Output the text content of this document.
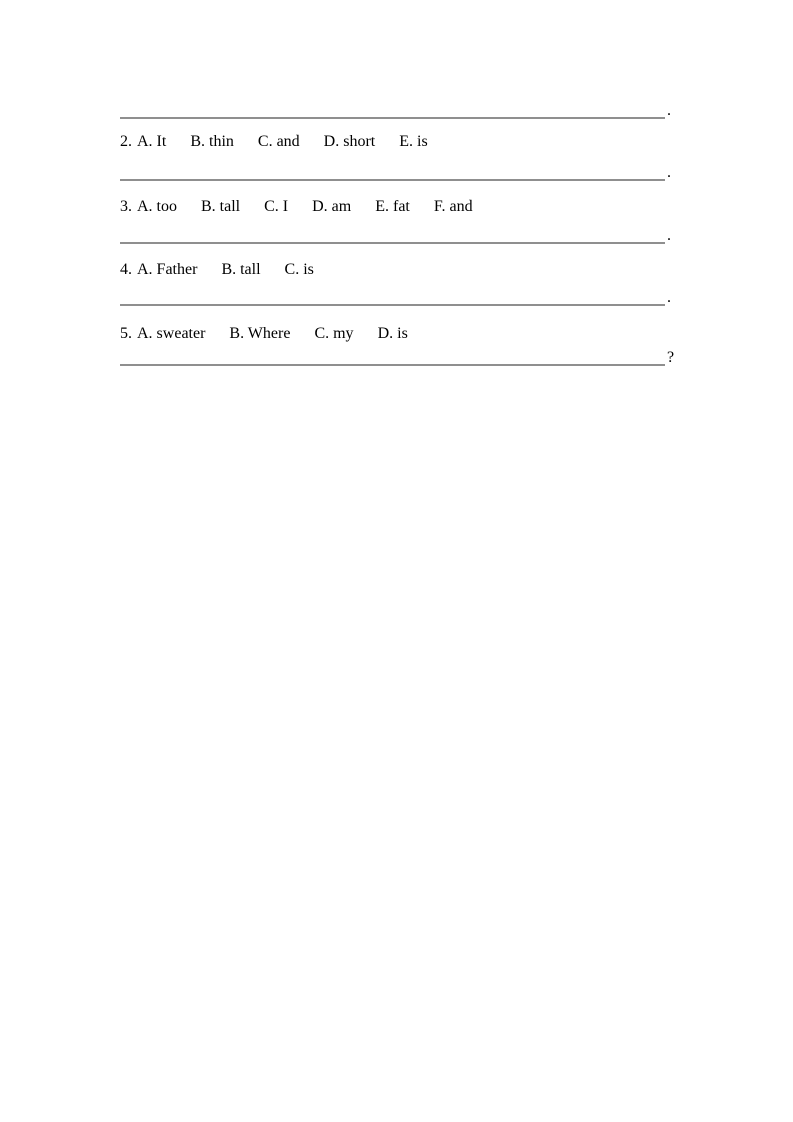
.
2. A. It B. thin C. and D. short E. is
.
3. A. too B. tall C. I D. am E. fat F. and
.
4. A. Father B. tall C. is
.
5. A. sweater B. Where C. my D. is
?
